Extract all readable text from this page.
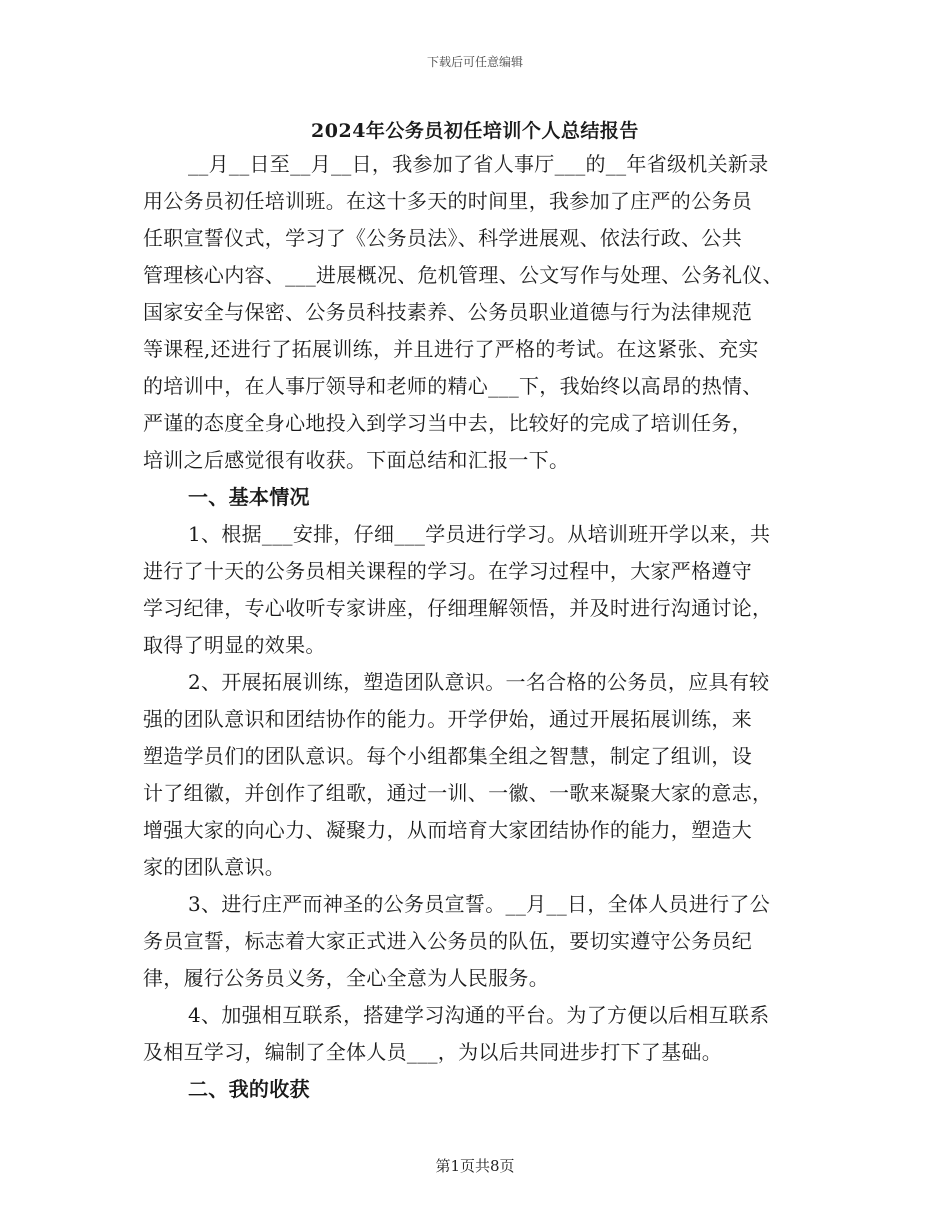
下载后可任意编辑
2024年公务员初任培训个人总结报告
__月__日至__月__日，我参加了省人事厅___的__年省级机关新录
用公务员初任培训班。在这十多天的时间里，我参加了庄严的公务员
任职宣誓仪式，学习了《公务员法》、科学进展观、依法行政、公共
管理核心内容、___进展概况、危机管理、公文写作与处理、公务礼仪、
国家安全与保密、公务员科技素养、公务员职业道德与行为法律规范
等课程,还进行了拓展训练，并且进行了严格的考试。在这紧张、充实
的培训中，在人事厅领导和老师的精心___下，我始终以高昂的热情、
严谨的态度全身心地投入到学习当中去，比较好的完成了培训任务，
培训之后感觉很有收获。下面总结和汇报一下。
一、基本情况
1、根据___安排，仔细___学员进行学习。从培训班开学以来，共
进行了十天的公务员相关课程的学习。在学习过程中，大家严格遵守
学习纪律，专心收听专家讲座，仔细理解领悟，并及时进行沟通讨论，
取得了明显的效果。
2、开展拓展训练，塑造团队意识。一名合格的公务员，应具有较
强的团队意识和团结协作的能力。开学伊始，通过开展拓展训练，来
塑造学员们的团队意识。每个小组都集全组之智慧，制定了组训，设
计了组徽，并创作了组歌，通过一训、一徽、一歌来凝聚大家的意志，
增强大家的向心力、凝聚力，从而培育大家团结协作的能力，塑造大
家的团队意识。
3、进行庄严而神圣的公务员宣誓。__月__日，全体人员进行了公
务员宣誓，标志着大家正式进入公务员的队伍，要切实遵守公务员纪
律，履行公务员义务，全心全意为人民服务。
4、加强相互联系，搭建学习沟通的平台。为了方便以后相互联系
及相互学习，编制了全体人员___，为以后共同进步打下了基础。
二、我的收获
第1页共8页
